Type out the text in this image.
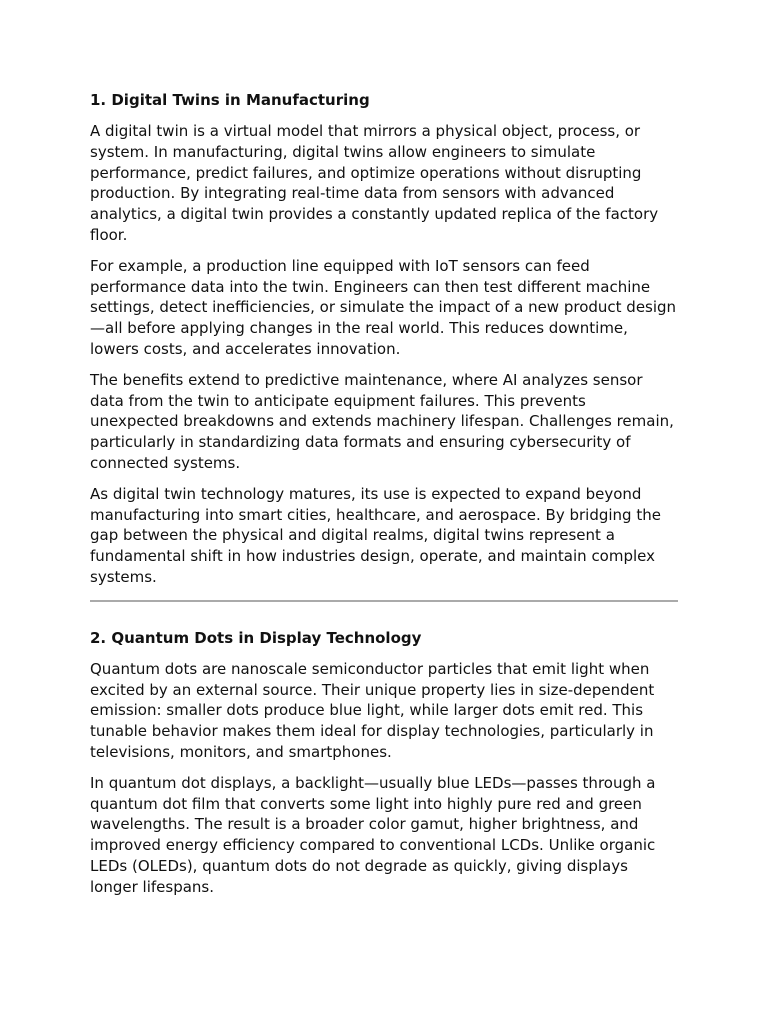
1. Digital Twins in Manufacturing

A digital twin is a virtual model that mirrors a physical object, process, or system. In manufacturing, digital twins allow engineers to simulate performance, predict failures, and optimize operations without disrupting production. By integrating real-time data from sensors with advanced analytics, a digital twin provides a constantly updated replica of the factory floor.

For example, a production line equipped with IoT sensors can feed performance data into the twin. Engineers can then test different machine settings, detect inefficiencies, or simulate the impact of a new product design—all before applying changes in the real world. This reduces downtime, lowers costs, and accelerates innovation.

The benefits extend to predictive maintenance, where AI analyzes sensor data from the twin to anticipate equipment failures. This prevents unexpected breakdowns and extends machinery lifespan. Challenges remain, particularly in standardizing data formats and ensuring cybersecurity of connected systems.

As digital twin technology matures, its use is expected to expand beyond manufacturing into smart cities, healthcare, and aerospace. By bridging the gap between the physical and digital realms, digital twins represent a fundamental shift in how industries design, operate, and maintain complex systems.

2. Quantum Dots in Display Technology

Quantum dots are nanoscale semiconductor particles that emit light when excited by an external source. Their unique property lies in size-dependent emission: smaller dots produce blue light, while larger dots emit red. This tunable behavior makes them ideal for display technologies, particularly in televisions, monitors, and smartphones.

In quantum dot displays, a backlight—usually blue LEDs—passes through a quantum dot film that converts some light into highly pure red and green wavelengths. The result is a broader color gamut, higher brightness, and improved energy efficiency compared to conventional LCDs. Unlike organic LEDs (OLEDs), quantum dots do not degrade as quickly, giving displays longer lifespans.
